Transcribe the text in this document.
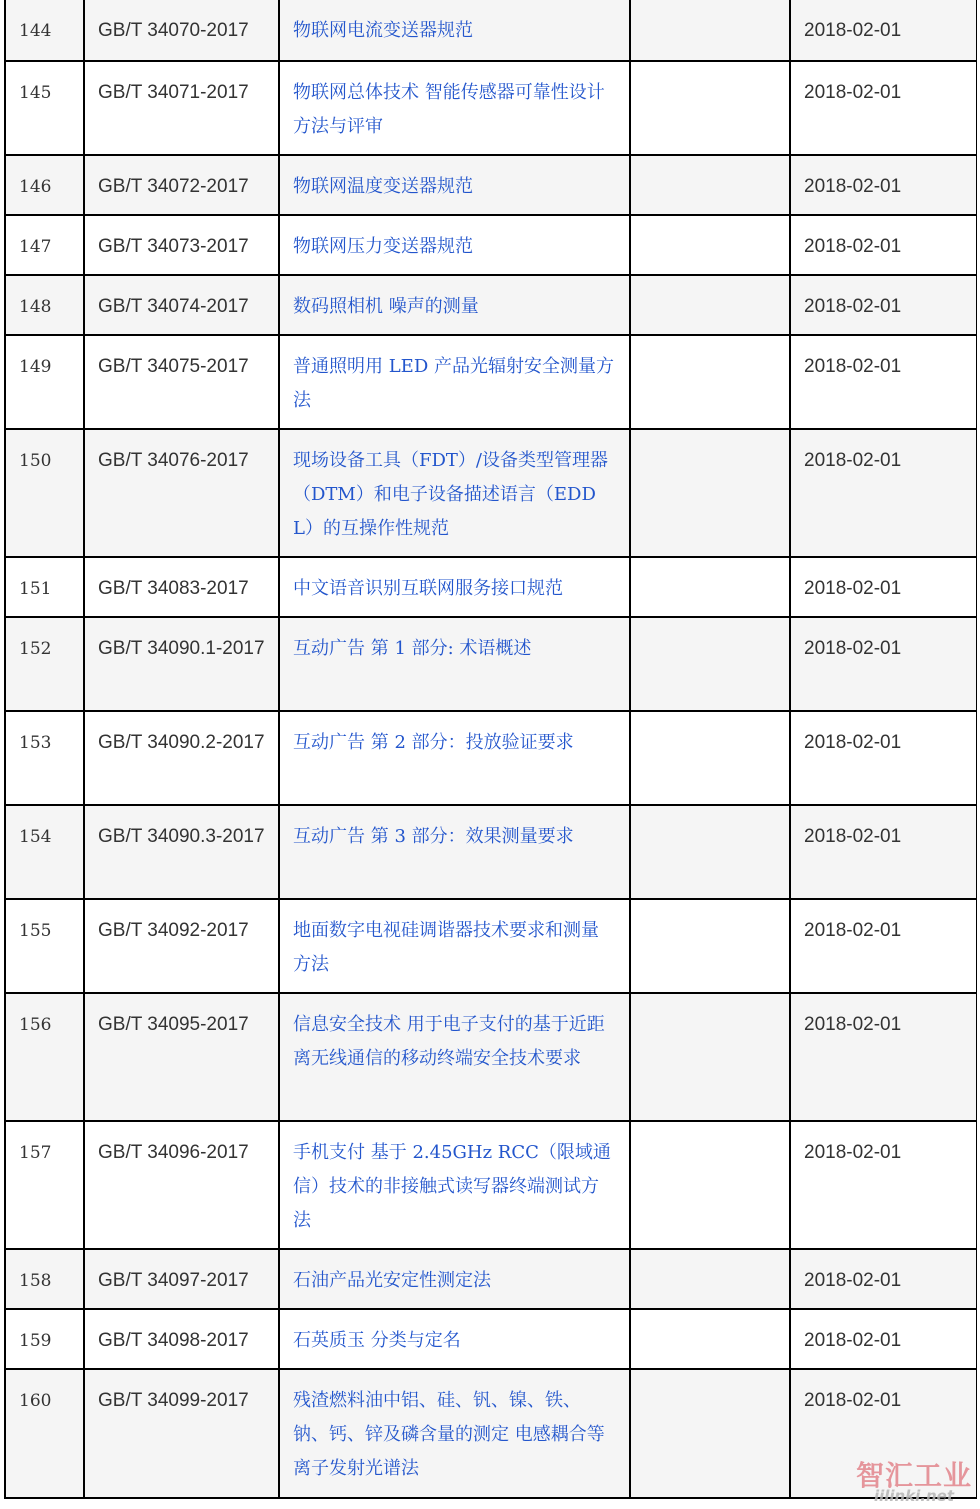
144	GB/T 34070-2017	物联网电流变送器规范		2018-02-01
145	GB/T 34071-2017	物联网总体技术 智能传感器可靠性设计方法与评审		2018-02-01
146	GB/T 34072-2017	物联网温度变送器规范		2018-02-01
147	GB/T 34073-2017	物联网压力变送器规范		2018-02-01
148	GB/T 34074-2017	数码照相机 噪声的测量		2018-02-01
149	GB/T 34075-2017	普通照明用 LED 产品光辐射安全测量方法		2018-02-01
150	GB/T 34076-2017	现场设备工具（FDT）/设备类型管理器（DTM）和电子设备描述语言（EDDL）的互操作性规范		2018-02-01
151	GB/T 34083-2017	中文语音识别互联网服务接口规范		2018-02-01
152	GB/T 34090.1-2017	互动广告 第 1 部分: 术语概述		2018-02-01
153	GB/T 34090.2-2017	互动广告 第 2 部分：投放验证要求		2018-02-01
154	GB/T 34090.3-2017	互动广告 第 3 部分：效果测量要求		2018-02-01
155	GB/T 34092-2017	地面数字电视硅调谐器技术要求和测量方法		2018-02-01
156	GB/T 34095-2017	信息安全技术 用于电子支付的基于近距离无线通信的移动终端安全技术要求		2018-02-01
157	GB/T 34096-2017	手机支付 基于 2.45GHz RCC（限域通信）技术的非接触式读写器终端测试方法		2018-02-01
158	GB/T 34097-2017	石油产品光安定性测定法		2018-02-01
159	GB/T 34098-2017	石英质玉 分类与定名		2018-02-01
160	GB/T 34099-2017	残渣燃料油中铝、硅、钒、镍、铁、钠、钙、锌及磷含量的测定 电感耦合等离子发射光谱法		2018-02-01
智汇工业
iilinki.net
